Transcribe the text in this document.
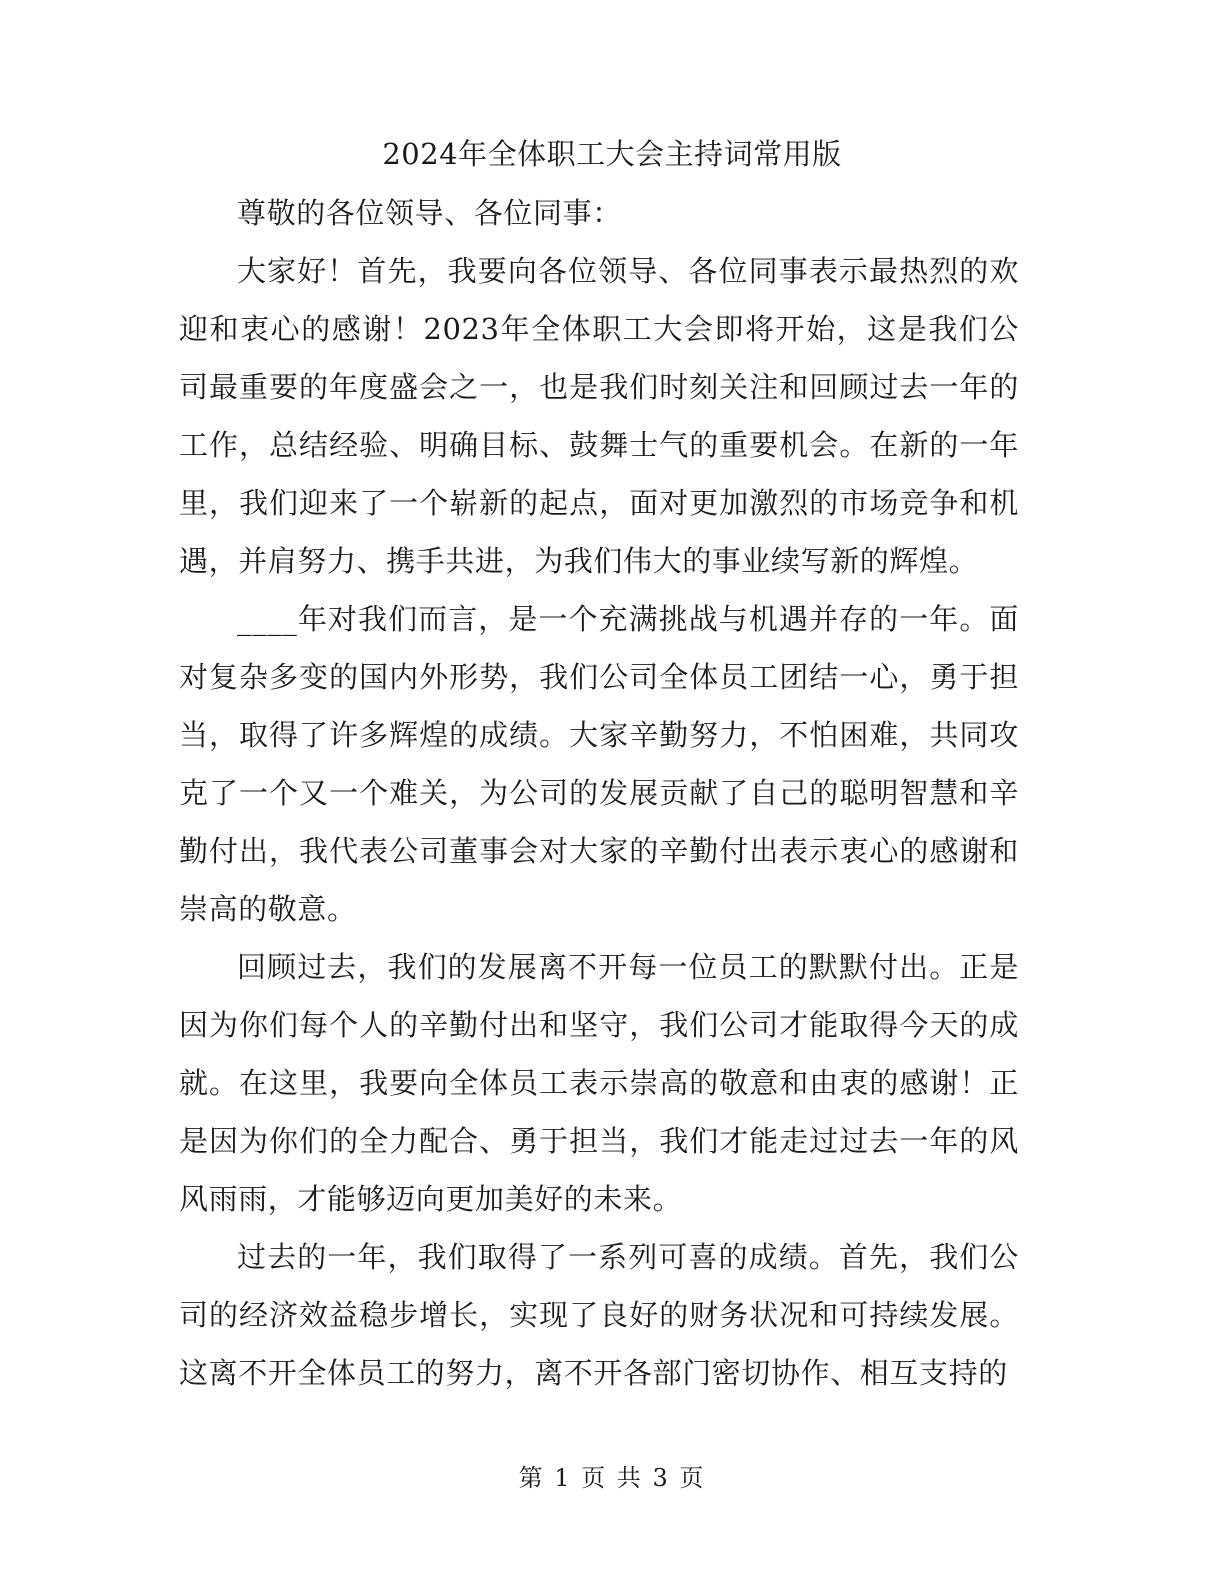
2024年全体职工大会主持词常用版

尊敬的各位领导、各位同事：

大家好！首先，我要向各位领导、各位同事表示最热烈的欢迎和衷心的感谢！2023年全体职工大会即将开始，这是我们公司最重要的年度盛会之一，也是我们时刻关注和回顾过去一年的工作，总结经验、明确目标、鼓舞士气的重要机会。在新的一年里，我们迎来了一个崭新的起点，面对更加激烈的市场竞争和机遇，并肩努力、携手共进，为我们伟大的事业续写新的辉煌。

____年对我们而言，是一个充满挑战与机遇并存的一年。面对复杂多变的国内外形势，我们公司全体员工团结一心，勇于担当，取得了许多辉煌的成绩。大家辛勤努力，不怕困难，共同攻克了一个又一个难关，为公司的发展贡献了自己的聪明智慧和辛勤付出，我代表公司董事会对大家的辛勤付出表示衷心的感谢和崇高的敬意。

回顾过去，我们的发展离不开每一位员工的默默付出。正是因为你们每个人的辛勤付出和坚守，我们公司才能取得今天的成就。在这里，我要向全体员工表示崇高的敬意和由衷的感谢！正是因为你们的全力配合、勇于担当，我们才能走过过去一年的风风雨雨，才能够迈向更加美好的未来。

过去的一年，我们取得了一系列可喜的成绩。首先，我们公司的经济效益稳步增长，实现了良好的财务状况和可持续发展。这离不开全体员工的努力，离不开各部门密切协作、相互支持的

第 1 页 共 3 页
